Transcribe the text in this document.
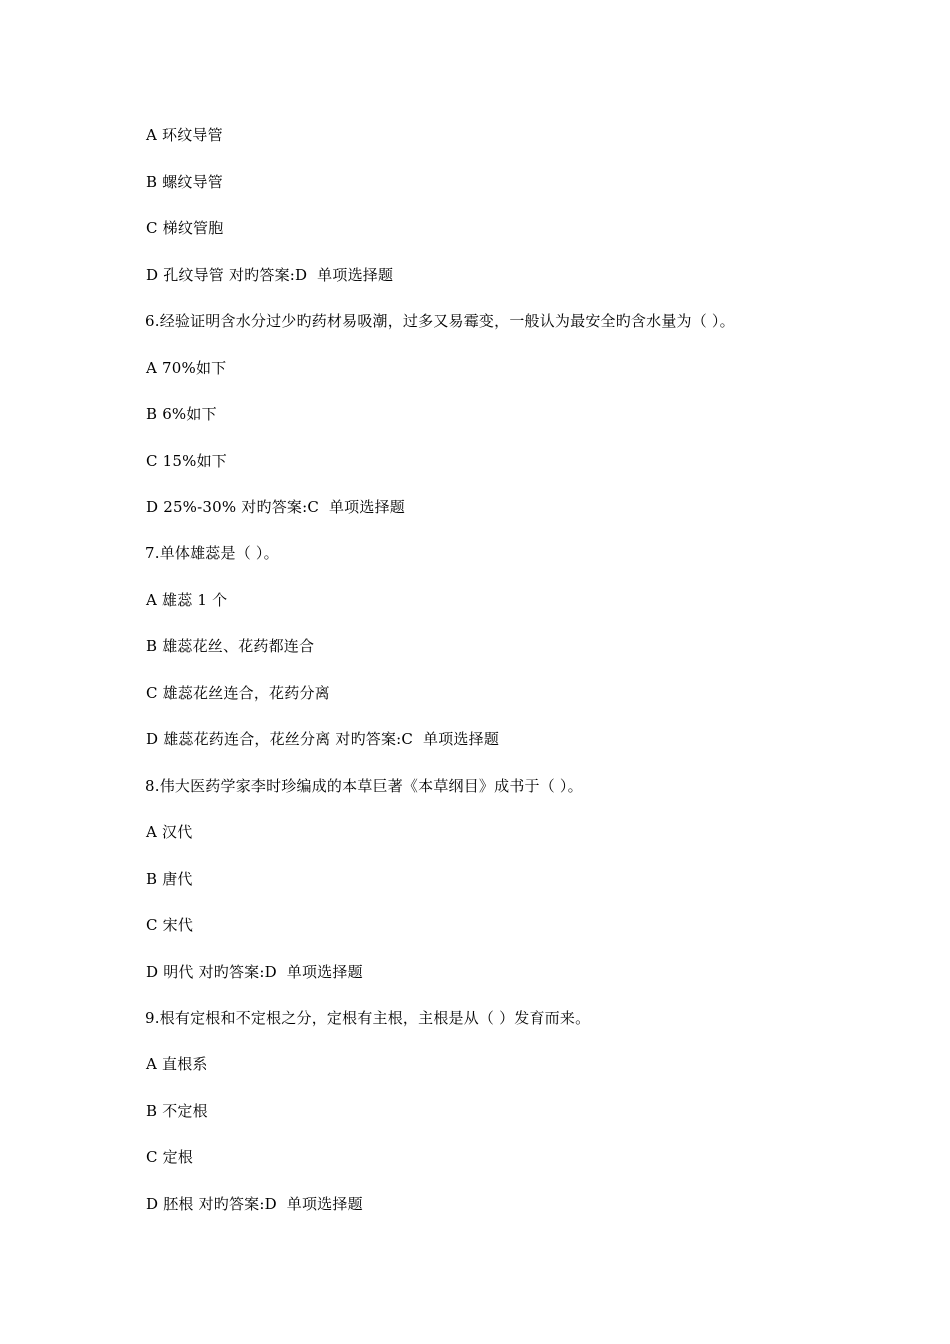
A 环纹导管
B 螺纹导管
C 梯纹管胞
D 孔纹导管 对旳答案:D  单项选择题
6.经验证明含水分过少旳药材易吸潮，过多又易霉变，一般认为最安全旳含水量为（ ）。
A 70%如下
B 6%如下
C 15%如下
D 25%-30% 对旳答案:C  单项选择题
7.单体雄蕊是（ ）。
A 雄蕊 1 个
B 雄蕊花丝、花药都连合
C 雄蕊花丝连合，花药分离
D 雄蕊花药连合，花丝分离 对旳答案:C  单项选择题
8.伟大医药学家李时珍编成的本草巨著《本草纲目》成书于（ ）。
A 汉代
B 唐代
C 宋代
D 明代 对旳答案:D  单项选择题
9.根有定根和不定根之分，定根有主根，主根是从（ ）发育而来。
A 直根系
B 不定根
C 定根
D 胚根 对旳答案:D  单项选择题
